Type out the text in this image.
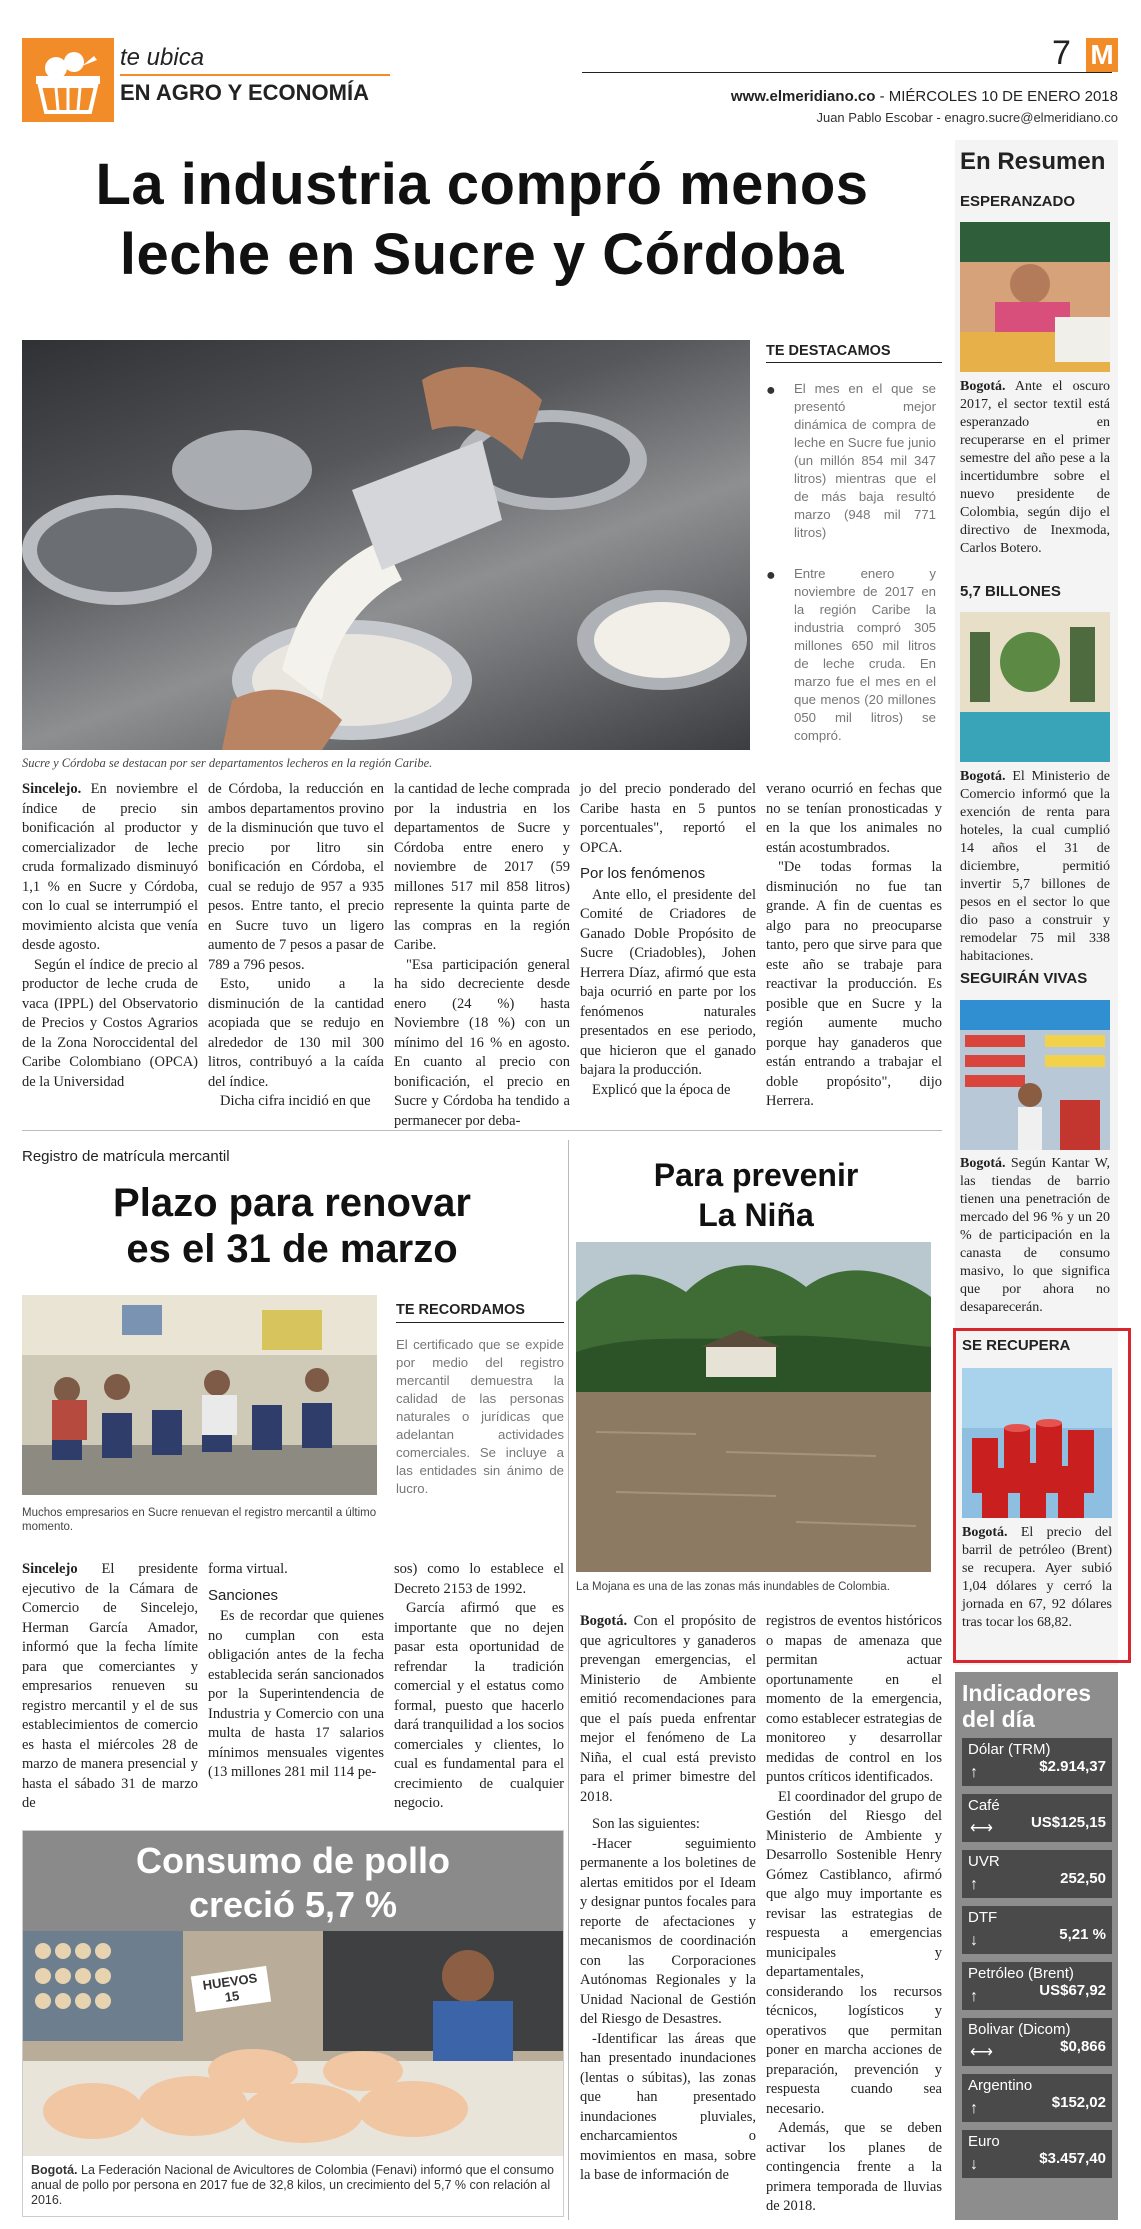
te ubica
EN AGRO Y ECONOMÍA
7 M
www.elmeridiano.co - MIÉRCOLES 10 DE ENERO 2018
Juan Pablo Escobar - enagro.sucre@elmeridiano.co
La industria compró menos
leche en Sucre y Córdoba
Sucre y Córdoba se destacan por ser departamentos lecheros en la región Caribe.
TE DESTACAMOS
● El mes en el que se presentó mejor dinámica de compra de leche en Sucre fue junio (un millón 854 mil 347 litros) mientras que el de más baja resultó marzo (948 mil 771 litros)
● Entre enero y noviembre de 2017 en la región Caribe la industria compró 305 millones 650 mil litros de leche cruda. En marzo fue el mes en el que menos (20 millones 050 mil litros) se compró.

Sincelejo. En noviembre el índice de precio sin bonificación al productor y comercializador de leche cruda formalizado disminuyó 1,1 % en Sucre y Córdoba, con lo cual se interrumpió el movimiento alcista que venía desde agosto.

Según el índice de precio al productor de leche cruda de vaca (IPPL) del Observatorio de Precios y Costos Agrarios de la Zona Noroccidental del Caribe Colombiano (OPCA) de la Universidad

de Córdoba, la reducción en ambos departamentos provino de la disminución que tuvo el precio por litro sin bonificación en Córdoba, el cual se redujo de 957 a 935 pesos. Entre tanto, el precio en Sucre tuvo un ligero aumento de 7 pesos a pasar de 789 a 796 pesos.

Esto, unido a la disminución de la cantidad acopiada que se redujo en alrededor de 130 mil 300 litros, contribuyó a la caída del índice.

Dicha cifra incidió en que

la cantidad de leche comprada por la industria en los departamentos de Sucre y Córdoba entre enero y noviembre de 2017 (59 millones 517 mil 858 litros) represente la quinta parte de las compras en la región Caribe.

"Esa participación general ha sido decreciente desde enero (24 %) hasta Noviembre (18 %) con un mínimo del 16 % en agosto. En cuanto al precio con bonificación, el precio en Sucre y Córdoba ha tendido a permanecer por deba-

jo del precio ponderado del Caribe hasta en 5 puntos porcentuales", reportó el OPCA.

Por los fenómenos

Ante ello, el presidente del Comité de Criadores de Ganado Doble Propósito de Sucre (Criadobles), Johen Herrera Díaz, afirmó que esta baja ocurrió en parte por los fenómenos naturales presentados en ese periodo, que hicieron que el ganado bajara la producción.

Explicó que la época de

verano ocurrió en fechas que no se tenían pronosticadas y en la que los animales no están acostumbrados.

"De todas formas la disminución no fue tan grande. A fin de cuentas es algo para no preocuparse tanto, pero que sirve para que este año se trabaje para reactivar la producción. Es posible que en Sucre y la región aumente mucho porque hay ganaderos que están entrando a trabajar el doble propósito", dijo Herrera.

Registro de matrícula mercantil
Plazo para renovar
es el 31 de marzo
Muchos empresarios en Sucre renuevan el registro mercantil a último momento.
TE RECORDAMOS
El certificado que se expide por medio del registro mercantil demuestra la calidad de las personas naturales o jurídicas que adelantan actividades comerciales. Se incluye a las entidades sin ánimo de lucro.

Sincelejo El presidente ejecutivo de la Cámara de Comercio de Sincelejo, Herman García Amador, informó que la fecha límite para que comerciantes y empresarios renueven su registro mercantil y el de sus establecimientos de comercio es hasta el miércoles 28 de marzo de manera presencial y hasta el sábado 31 de marzo de

forma virtual.

Sanciones

Es de recordar que quienes no cumplan con esta obligación antes de la fecha establecida serán sancionados por la Superintendencia de Industria y Comercio con una multa de hasta 17 salarios mínimos mensuales vigentes (13 millones 281 mil 114 pe-

sos) como lo establece el Decreto 2153 de 1992.

García afirmó que es importante que no dejen pasar esta oportunidad de refrendar la tradición comercial y el estatus como formal, puesto que hacerlo dará tranquilidad a los socios comerciales y clientes, lo cual es fundamental para el crecimiento de cualquier negocio.

Consumo de pollo
creció 5,7 %
HUEVOS 15
Bogotá. La Federación Nacional de Avicultores de Colombia (Fenavi) informó que el consumo anual de pollo por persona en 2017 fue de 32,8 kilos, un crecimiento del 5,7 % con relación al 2016.
Para prevenir
La Niña
La Mojana es una de las zonas más inundables de Colombia.

Bogotá. Con el propósito de que agricultores y ganaderos prevengan emergencias, el Ministerio de Ambiente emitió recomendaciones para que el país pueda enfrentar mejor el fenómeno de La Niña, el cual está previsto para el primer bimestre del 2018.

Son las siguientes:

-Hacer seguimiento permanente a los boletines de alertas emitidos por el Ideam y designar puntos focales para reporte de afectaciones y mecanismos de coordinación con las Corporaciones Autónomas Regionales y la Unidad Nacional de Gestión del Riesgo de Desastres.

-Identificar las áreas que han presentado inundaciones (lentas o súbitas), las zonas que han presentado inundaciones pluviales, encharcamientos o movimientos en masa, sobre la base de información de

registros de eventos históricos o mapas de amenaza que permitan actuar oportunamente en el momento de la emergencia, como establecer estrategias de monitoreo y desarrollar medidas de control en los puntos críticos identificados.

El coordinador del grupo de Gestión del Riesgo del Ministerio de Ambiente y Desarrollo Sostenible Henry Gómez Castiblanco, afirmó que algo muy importante es revisar las estrategias de respuesta a emergencias municipales y departamentales, considerando los recursos técnicos, logísticos y operativos que permitan poner en marcha acciones de preparación, prevención y respuesta cuando sea necesario.

Además, que se deben activar los planes de contingencia frente a la primera temporada de lluvias de 2018.

En Resumen
ESPERANZADO
Bogotá. Ante el oscuro 2017, el sector textil está esperanzado en recuperarse en el primer semestre del año pese a la incertidumbre sobre el nuevo presidente de Colombia, según dijo el directivo de Inexmoda, Carlos Botero.
5,7 BILLONES
Bogotá. El Ministerio de Comercio informó que la exención de renta para hoteles, la cual cumplió 14 años el 31 de diciembre, permitió invertir 5,7 billones de pesos en el sector lo que dio paso a construir y remodelar 75 mil 338 habitaciones.
SEGUIRÁN VIVAS
Bogotá. Según Kantar W, las tiendas de barrio tienen una penetración de mercado del 96 % y un 20 % de participación en la canasta de consumo masivo, lo que significa que por ahora no desaparecerán.
SE RECUPERA
Bogotá. El precio del barril de petróleo (Brent) se recupera. Ayer subió 1,04 dólares y cerró la jornada en 67, 92 dólares tras tocar los 68,82.
Indicadores
del día
Dólar (TRM)
$2.914,37
↑
Café
US$125,15
⟷
UVR
252,50
↑
DTF
5,21 %
↓
Petróleo (Brent)
US$67,92
↑
Bolivar (Dicom)
$0,866
⟷
Argentino
$152,02
↑
Euro
$3.457,40
↓
